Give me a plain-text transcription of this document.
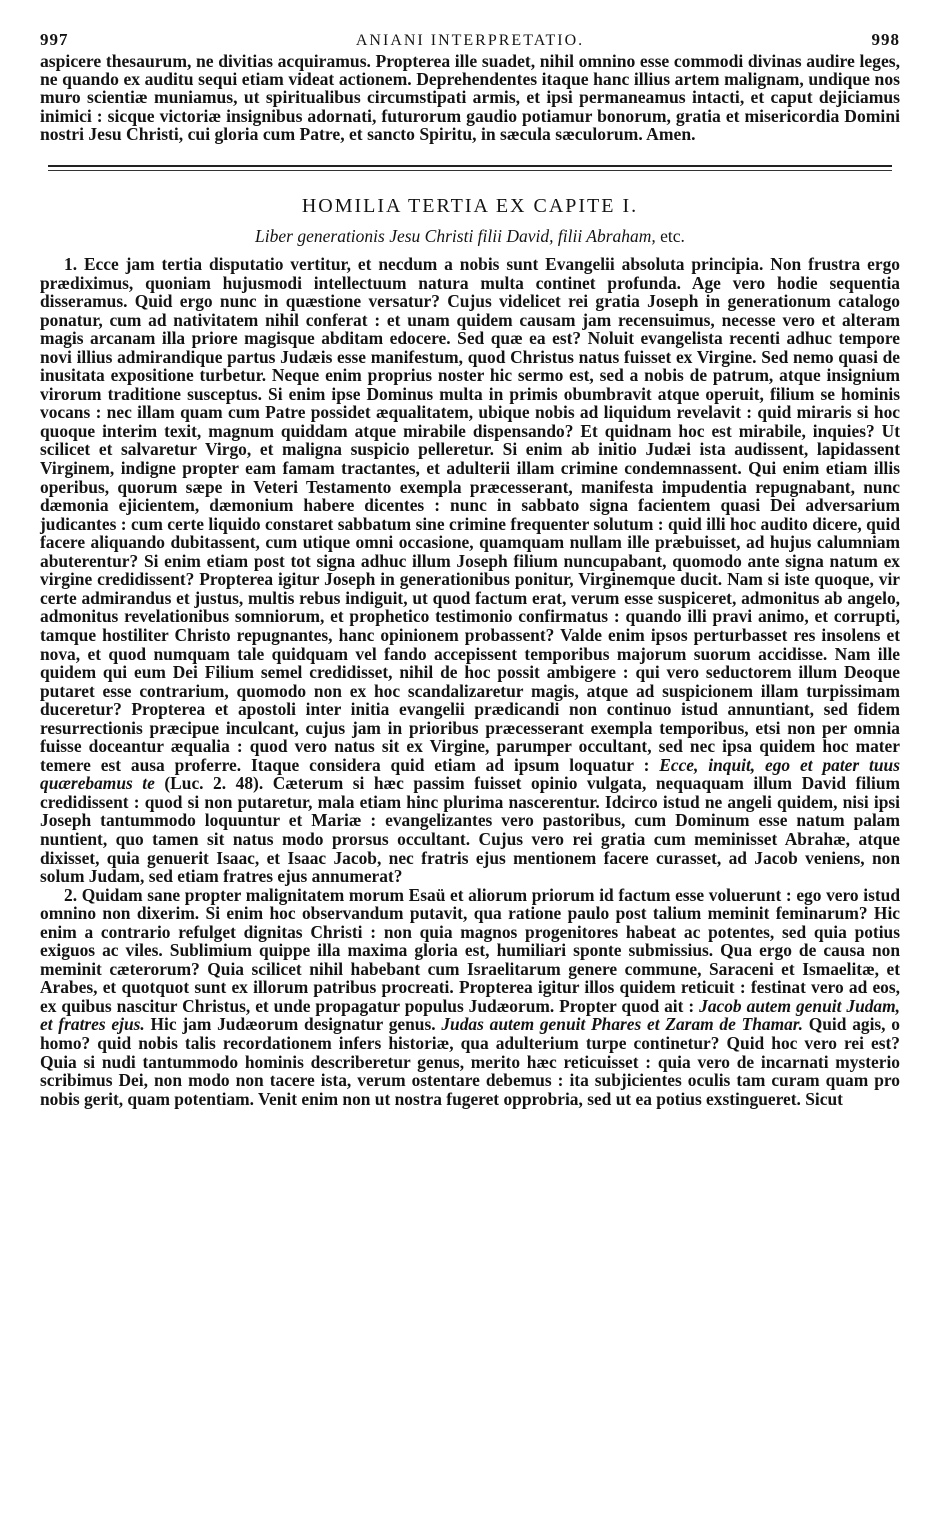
997	ANIANI INTERPRETATIO.	998

aspicere thesaurum, ne divitias acquiramus. Propterea ille suadet, nihil omnino esse commodi divinas audire leges, ne quando ex auditu sequi etiam videat actionem. Deprehendentes itaque hanc illius artem malignam, undique nos muro scientiæ muniamus, ut spiritualibus circumstipati armis, et ipsi permaneamus intacti, et caput dejiciamus inimici : sicque victoriæ insignibus adornati, futurorum gaudio potiamur bonorum, gratia et misericordia Domini nostri Jesu Christi, cui gloria cum Patre, et sancto Spiritu, in sæcula sæculorum. Amen.

HOMILIA TERTIA EX CAPITE I.
Liber generationis Jesu Christi filii David, filii Abraham, etc.

1. Ecce jam tertia disputatio vertitur, et necdum a nobis sunt Evangelii absoluta principia. Non frustra ergo prædiximus, quoniam hujusmodi intellectuum natura multa continet profunda. Age vero hodie sequentia disseramus. Quid ergo nunc in quæstione versatur? Cujus videlicet rei gratia Joseph in generationum catalogo ponatur, cum ad nativitatem nihil conferat : et unam quidem causam jam recensuimus, necesse vero et alteram magis arcanam illa priore magisque abditam edocere. Sed quæ ea est? Noluit evangelista recenti adhuc tempore novi illius admirandique partus Judæis esse manifestum, quod Christus natus fuisset ex Virgine. Sed nemo quasi de inusitata expositione turbetur. Neque enim proprius noster hic sermo est, sed a nobis de patrum, atque insignium virorum traditione susceptus. Si enim ipse Dominus multa in primis obumbravit atque operuit, filium se hominis vocans : nec illam quam cum Patre possidet æqualitatem, ubique nobis ad liquidum revelavit : quid miraris si hoc quoque interim texit, magnum quiddam atque mirabile dispensando? Et quidnam hoc est mirabile, inquies? Ut scilicet et salvaretur Virgo, et maligna suspicio pelleretur. Si enim ab initio Judæi ista audissent, lapidassent Virginem, indigne propter eam famam tractantes, et adulterii illam crimine condemnassent. Qui enim etiam illis operibus, quorum sæpe in Veteri Testamento exempla præcesserant, manifesta impudentia repugnabant, nunc dæmonia ejicientem, dæmonium habere dicentes : nunc in sabbato signa facientem quasi Dei adversarium judicantes : cum certe liquido constaret sabbatum sine crimine frequenter solutum : quid illi hoc audito dicere, quid facere aliquando dubitassent, cum utique omni occasione, quamquam nullam ille præbuisset, ad hujus calumniam abuterentur? Si enim etiam post tot signa adhuc illum Joseph filium nuncupabant, quomodo ante signa natum ex virgine credidissent? Propterea igitur Joseph in generationibus ponitur, Virginemque ducit. Nam si iste quoque, vir certe admirandus et justus, multis rebus indiguit, ut quod factum erat, verum esse suspiceret, admonitus ab angelo, admonitus revelationibus somniorum, et prophetico testimonio confirmatus : quando illi pravi animo, et corrupti, tamque hostiliter Christo repugnantes, hanc opinionem probassent? Valde enim ipsos perturbasset res insolens et nova, et quod numquam tale quidquam vel fando accepissent temporibus majorum suorum accidisse. Nam ille quidem qui eum Dei Filium semel credidisset, nihil de hoc possit ambigere : qui vero seductorem illum Deoque putaret esse contrarium, quomodo non ex hoc scandalizaretur magis, atque ad suspicionem illam turpissimam duceretur? Propterea et apostoli inter initia evangelii prædicandi non continuo istud annuntiant, sed fidem resurrectionis præcipue inculcant, cujus jam in prioribus præcesserant exempla temporibus, etsi non per omnia fuisse doceantur æqualia : quod vero natus sit ex Virgine, parumper occultant, sed nec ipsa quidem hoc mater temere est ausa proferre. Itaque considera quid etiam ad ipsum loquatur : Ecce, inquit, ego et pater tuus quærebamus te (Luc. 2. 48). Cæterum si hæc passim fuisset opinio vulgata, nequaquam illum David filium credidissent : quod si non putaretur, mala etiam hinc plurima nascerentur. Idcirco istud ne angeli quidem, nisi ipsi Joseph tantummodo loquuntur et Mariæ : evangelizantes vero pastoribus, cum Dominum esse natum palam nuntient, quo tamen sit natus modo prorsus occultant. Cujus vero rei gratia cum meminisset Abrahæ, atque dixisset, quia genuerit Isaac, et Isaac Jacob, nec fratris ejus mentionem facere curasset, ad Jacob veniens, non solum Judam, sed etiam fratres ejus annumerat?

2. Quidam sane propter malignitatem morum Esaü et aliorum priorum id factum esse voluerunt : ego vero istud omnino non dixerim. Si enim hoc observandum putavit, qua ratione paulo post talium meminit feminarum? Hic enim a contrario refulget dignitas Christi : non quia magnos progenitores habeat ac potentes, sed quia potius exiguos ac viles. Sublimium quippe illa maxima gloria est, humiliari sponte submissius. Qua ergo de causa non meminit cæterorum? Quia scilicet nihil habebant cum Israelitarum genere commune, Saraceni et Ismaelitæ, et Arabes, et quotquot sunt ex illorum patribus procreati. Propterea igitur illos quidem reticuit : festinat vero ad eos, ex quibus nascitur Christus, et unde propagatur populus Judæorum. Propter quod ait : Jacob autem genuit Judam, et fratres ejus. Hic jam Judæorum designatur genus. Judas autem genuit Phares et Zaram de Thamar. Quid agis, o homo? quid nobis talis recordationem infers historiæ, qua adulterium turpe continetur? Quid hoc vero rei est? Quia si nudi tantummodo hominis describeretur genus, merito hæc reticuisset : quia vero de incarnati mysterio scribimus Dei, non modo non tacere ista, verum ostentare debemus : ita subjicientes oculis tam curam quam pro nobis gerit, quam potentiam. Venit enim non ut nostra fugeret opprobria, sed ut ea potius exstingueret. Sicut
